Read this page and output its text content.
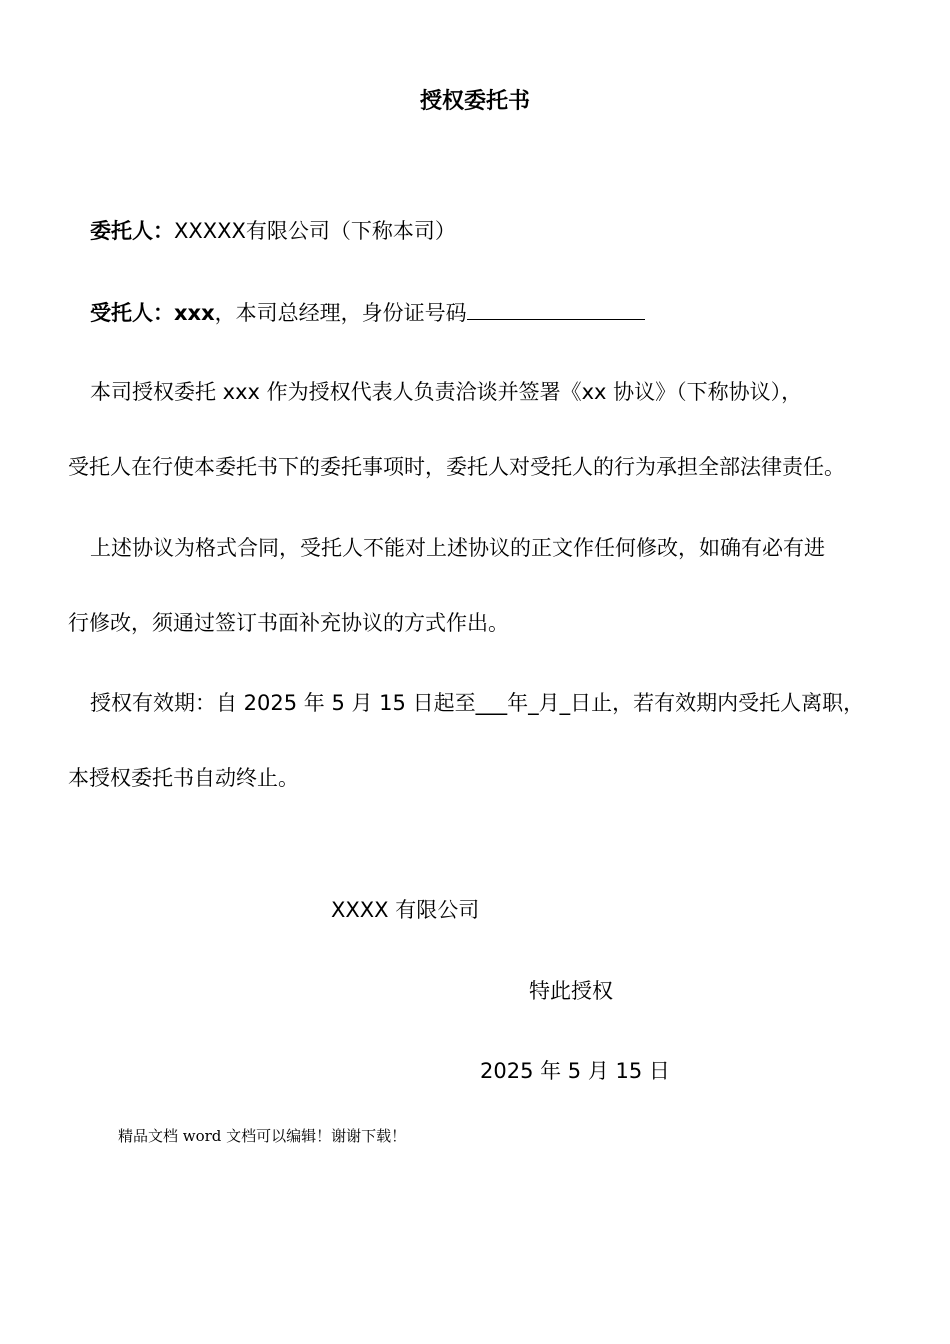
授权委托书
委托人：XXXXX有限公司（下称本司）
受托人：xxx，本司总经理，身份证号码
本司授权委托 xxx 作为授权代表人负责洽谈并签署《xx 协议》（下称协议），
受托人在行使本委托书下的委托事项时，委托人对受托人的行为承担全部法律责任。
上述协议为格式合同，受托人不能对上述协议的正文作任何修改，如确有必有进
行修改，须通过签订书面补充协议的方式作出。
授权有效期：自 2025 年 5 月 15 日起至___年_月_日止，若有效期内受托人离职，
本授权委托书自动终止。
XXXX 有限公司
特此授权
2025 年 5 月 15 日
精品文档 word 文档可以编辑！谢谢下载！
